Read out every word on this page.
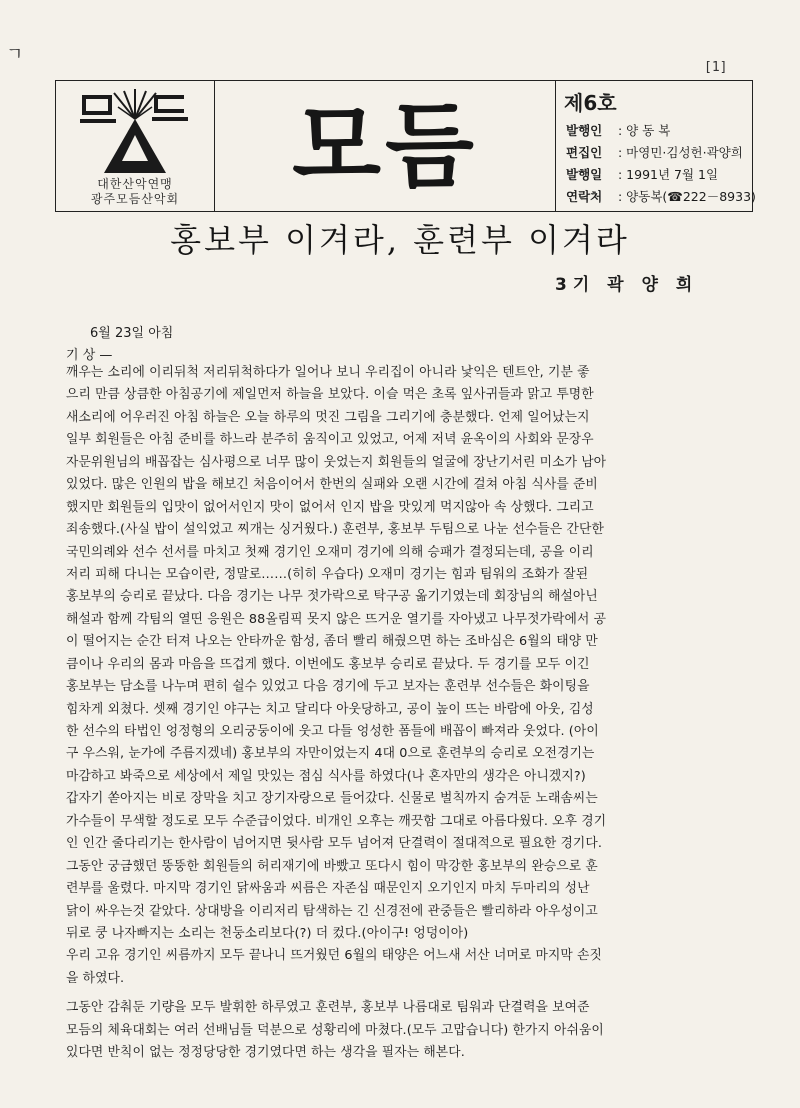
ㄱ
[1]
대한산악연맹
광주모듬산악회	모듬	제6호
발행인 : 양 동 복
편집인 : 마영민·김성헌·곽양희
발행일 : 1991년 7월 1일
연락처 : 양동복(☎222－8933)
홍보부 이겨라, 훈련부 이겨라
3기 곽 양 희
6월 23일 아침
기 상 —
깨우는 소리에 이리뒤척 저리뒤척하다가 일어나 보니 우리집이 아니라 낯익은 텐트안, 기분 좋
으리 만큼 상큼한 아침공기에 제일먼저 하늘을 보았다. 이슬 먹은 초록 잎사귀들과 맑고 투명한
새소리에 어우러진 아침 하늘은 오늘 하루의 멋진 그림을 그리기에 충분했다. 언제 일어났는지
일부 회원들은 아침 준비를 하느라 분주히 움직이고 있었고, 어제 저녁 윤옥이의 사회와 문장우
자문위원님의 배꼽잡는 심사평으로 너무 많이 웃었는지 회원들의 얼굴에 장난기서린 미소가 남아
있었다. 많은 인원의 밥을 해보긴 처음이어서 한번의 실패와 오랜 시간에 걸쳐 아침 식사를 준비
했지만 회원들의 입맛이 없어서인지 맛이 없어서 인지 밥을 맛있게 먹지않아 속 상했다. 그리고
죄송했다.(사실 밥이 설익었고 찌개는 싱거웠다.) 훈련부, 홍보부 두팀으로 나눈 선수들은 간단한
국민의례와 선수 선서를 마치고 첫째 경기인 오재미 경기에 의해 승패가 결정되는데, 공을 이리
저리 피해 다니는 모습이란, 정말로……(히히 우습다) 오재미 경기는 힘과 팀워의 조화가 잘된
홍보부의 승리로 끝났다. 다음 경기는 나무 젓가락으로 탁구공 옮기기였는데 회장님의 해설아닌
해설과 함께 각팀의 열띤 응원은 88올림픽 못지 않은 뜨거운 열기를 자아냈고 나무젓가락에서 공
이 떨어지는 순간 터져 나오는 안타까운 함성, 좀더 빨리 해줬으면 하는 조바심은 6월의 태양 만
큼이나 우리의 몸과 마음을 뜨겁게 했다. 이번에도 홍보부 승리로 끝났다. 두 경기를 모두 이긴
홍보부는 담소를 나누며 편히 쉴수 있었고 다음 경기에 두고 보자는 훈련부 선수들은 화이팅을
힘차게 외쳤다. 셋째 경기인 야구는 치고 달리다 아웃당하고, 공이 높이 뜨는 바람에 아웃, 김성
한 선수의 타법인 엉정형의 오리궁둥이에 웃고 다들 엉성한 폼들에 배꼽이 빠져라 웃었다. (아이
구 우스워, 눈가에 주름지겠네) 홍보부의 자만이었는지 4대 0으로 훈련부의 승리로 오전경기는
마감하고 봐죽으로 세상에서 제일 맛있는 점심 식사를 하였다(나 혼자만의 생각은 아니겠지?)
갑자기 쏟아지는 비로 장막을 치고 장기자랑으로 들어갔다. 신물로 벌칙까지 숨겨둔 노래솜씨는
가수들이 무색할 정도로 모두 수준급이었다. 비개인 오후는 깨끗함 그대로 아름다웠다. 오후 경기
인 인간 줄다리기는 한사람이 넘어지면 뒷사람 모두 넘어져 단결력이 절대적으로 필요한 경기다.
그동안 궁금했던 뚱뚱한 회원들의 허리재기에 바빴고 또다시 힘이 막강한 홍보부의 완승으로 훈
련부를 울렸다. 마지막 경기인 닭싸움과 씨름은 자존심 때문인지 오기인지 마치 두마리의 성난
닭이 싸우는것 같았다. 상대방을 이리저리 탐색하는 긴 신경전에 관중들은 빨리하라 아우성이고
뒤로 쿵 나자빠지는 소리는 천둥소리보다(?) 더 컸다.(아이구! 엉덩이아)
우리 고유 경기인 씨름까지 모두 끝나니 뜨거웠던 6월의 태양은 어느새 서산 너머로 마지막 손짓
을 하였다.
그동안 감춰둔 기량을 모두 발휘한 하루였고 훈련부, 홍보부 나름대로 팀워과 단결력을 보여준
모듬의 체육대회는 여러 선배님들 덕분으로 성황리에 마쳤다.(모두 고맙습니다) 한가지 아쉬움이
있다면 반칙이 없는 정정당당한 경기였다면 하는 생각을 필자는 해본다.
